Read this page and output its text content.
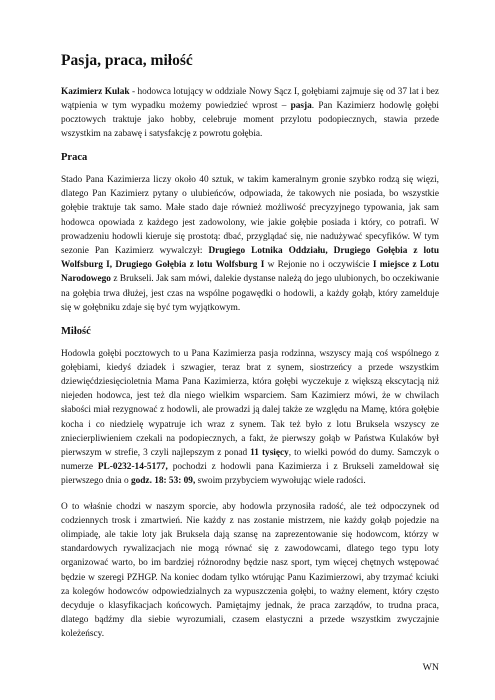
Pasja, praca, miłość

Kazimierz Kulak - hodowca lotujący w oddziale Nowy Sącz I, gołębiami zajmuje się od 37 lat i bez wątpienia w tym wypadku możemy powiedzieć wprost – pasja. Pan Kazimierz hodowlę gołębi pocztowych traktuje jako hobby, celebruje moment przylotu podopiecznych, stawia przede wszystkim na zabawę i satysfakcję z powrotu gołębia.

Praca

Stado Pana Kazimierza liczy około 40 sztuk, w takim kameralnym gronie szybko rodzą się więzi, dlatego Pan Kazimierz pytany o ulubieńców, odpowiada, że takowych nie posiada, bo wszystkie gołębie traktuje tak samo. Małe stado daje również możliwość precyzyjnego typowania, jak sam hodowca opowiada z każdego jest zadowolony, wie jakie gołębie posiada i który, co potrafi. W prowadzeniu hodowli kieruje się prostotą: dbać, przyglądać się, nie nadużywać specyfików. W tym sezonie Pan Kazimierz wywalczył: Drugiego Lotnika Oddziału, Drugiego Gołębia z lotu Wolfsburg I, Drugiego Gołębia z lotu Wolfsburg I w Rejonie no i oczywiście I miejsce z Lotu Narodowego z Brukseli. Jak sam mówi, dalekie dystanse należą do jego ulubionych, bo oczekiwanie na gołębia trwa dłużej, jest czas na wspólne pogawędki o hodowli, a każdy gołąb, który zamelduje się w gołębniku zdaje się być tym wyjątkowym.

Miłość

Hodowla gołębi pocztowych to u Pana Kazimierza pasja rodzinna, wszyscy mają coś wspólnego z gołębiami, kiedyś dziadek i szwagier, teraz brat z synem, siostrzeńcy a przede wszystkim dziewięćdziesięcioletnia Mama Pana Kazimierza, która gołębi wyczekuje z większą ekscytacją niż niejeden hodowca, jest też dla niego wielkim wsparciem. Sam Kazimierz mówi, że w chwilach słabości miał rezygnować z hodowli, ale prowadzi ją dalej także ze względu na Mamę, która gołębie kocha i co niedzielę wypatruje ich wraz z synem. Tak też było z lotu Bruksela wszyscy ze zniecierpliwieniem czekali na podopiecznych, a fakt, że pierwszy gołąb w Państwa Kulaków był pierwszym w strefie, 3 czyli najlepszym z ponad 11 tysięcy, to wielki powód do dumy. Samczyk o numerze PL-0232-14-5177, pochodzi z hodowli pana Kazimierza i z Brukseli zameldował się pierwszego dnia o godz. 18: 53: 09, swoim przybyciem wywołując wiele radości.

O to właśnie chodzi w naszym sporcie, aby hodowla przynosiła radość, ale też odpoczynek od codziennych trosk i zmartwień. Nie każdy z nas zostanie mistrzem, nie każdy gołąb pojedzie na olimpiadę, ale takie loty jak Bruksela dają szansę na zaprezentowanie się hodowcom, którzy w standardowych rywalizacjach nie mogą równać się z zawodowcami, dlatego tego typu loty organizować warto, bo im bardziej różnorodny będzie nasz sport, tym więcej chętnych wstępować będzie w szeregi PZHGP. Na koniec dodam tylko wtórując Panu Kazimierzowi, aby trzymać kciuki za kolegów hodowców odpowiedzialnych za wypuszczenia gołębi, to ważny element, który często decyduje o klasyfikacjach końcowych. Pamiętajmy jednak, że praca zarządów, to trudna praca, dlatego bądźmy dla siebie wyrozumiali, czasem elastyczni a przede wszystkim zwyczajnie koleżeńscy.

WN
